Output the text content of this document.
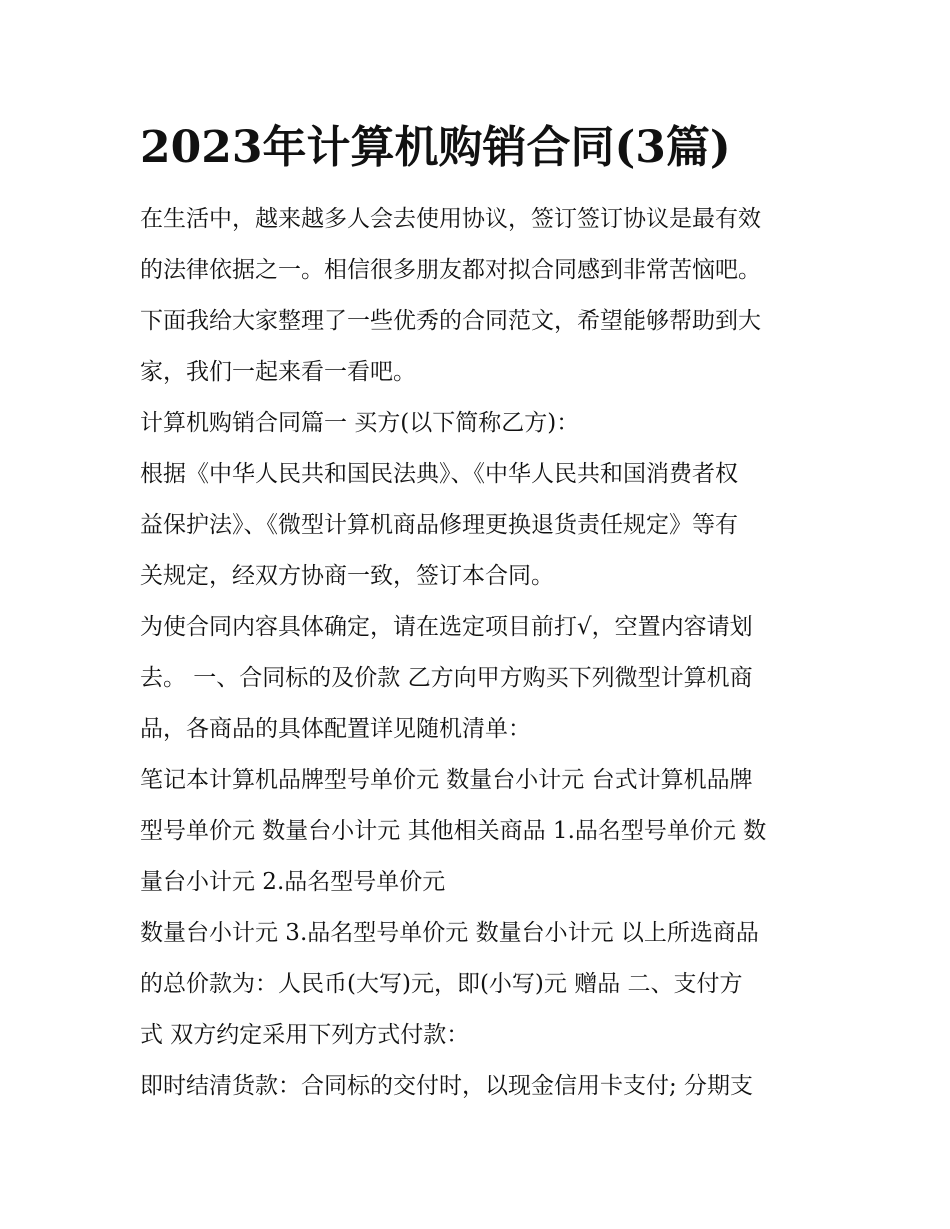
2023年计算机购销合同(3篇)

在生活中，越来越多人会去使用协议，签订签订协议是最有效
的法律依据之一。相信很多朋友都对拟合同感到非常苦恼吧。
下面我给大家整理了一些优秀的合同范文，希望能够帮助到大
家，我们一起来看一看吧。

计算机购销合同篇一 买方(以下简称乙方)：

根据《中华人民共和国民法典》、《中华人民共和国消费者权
益保护法》、《微型计算机商品修理更换退货责任规定》等有
关规定，经双方协商一致，签订本合同。

为使合同内容具体确定，请在选定项目前打√，空置内容请划
去。 一、合同标的及价款 乙方向甲方购买下列微型计算机商
品，各商品的具体配置详见随机清单：

笔记本计算机品牌型号单价元 数量台小计元 台式计算机品牌
型号单价元 数量台小计元 其他相关商品 1.品名型号单价元 数
量台小计元 2.品名型号单价元

数量台小计元 3.品名型号单价元 数量台小计元 以上所选商品
的总价款为：人民币(大写)元，即(小写)元 赠品 二、支付方
式 双方约定采用下列方式付款：

即时结清货款：合同标的交付时，以现金信用卡支付; 分期支
